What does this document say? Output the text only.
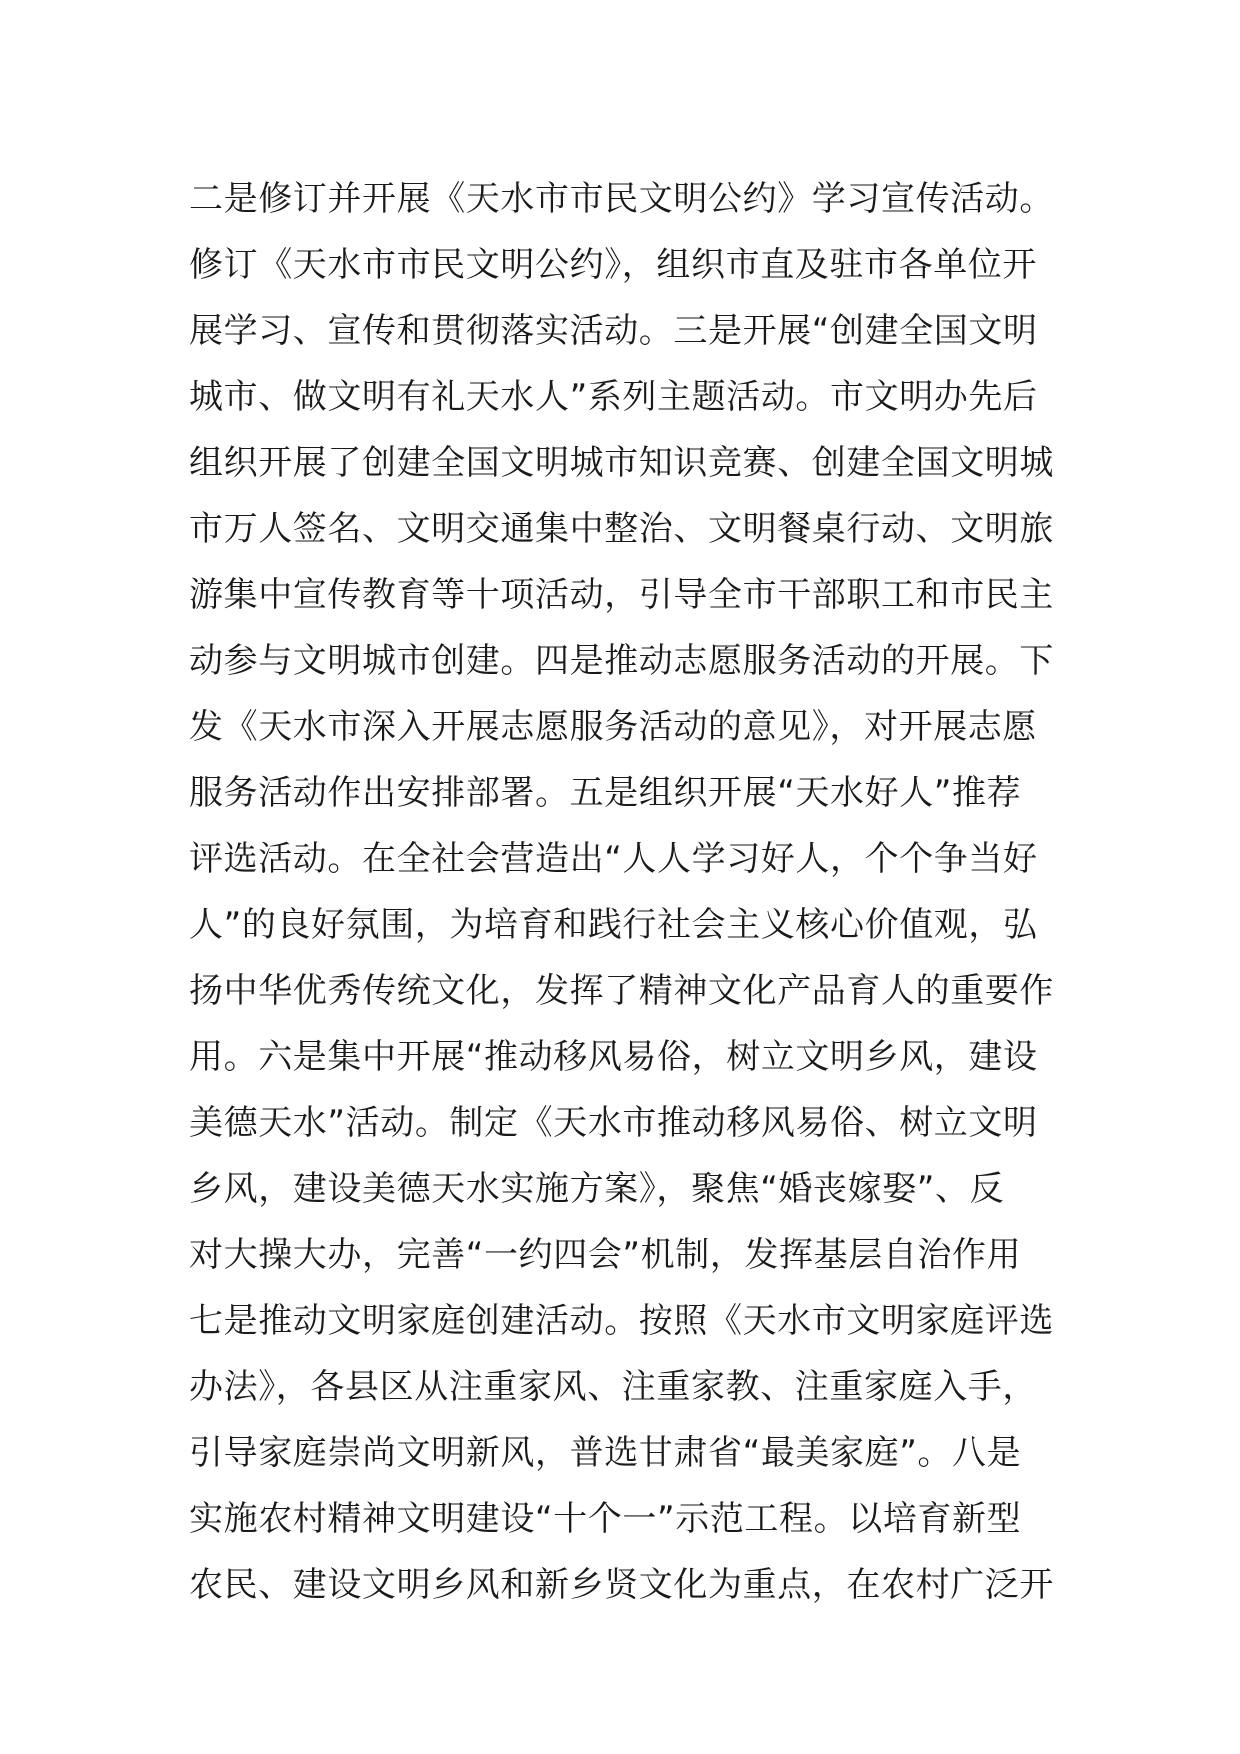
二是修订并开展《天水市市民文明公约》学习宣传活动。
修订《天水市市民文明公约》，组织市直及驻市各单位开
展学习、宣传和贯彻落实活动。三是开展“创建全国文明
城市、做文明有礼天水人”系列主题活动。市文明办先后
组织开展了创建全国文明城市知识竞赛、创建全国文明城
市万人签名、文明交通集中整治、文明餐桌行动、文明旅
游集中宣传教育等十项活动，引导全市干部职工和市民主
动参与文明城市创建。四是推动志愿服务活动的开展。下
发《天水市深入开展志愿服务活动的意见》，对开展志愿
服务活动作出安排部署。五是组织开展“天水好人”推荐
评选活动。在全社会营造出“人人学习好人，个个争当好
人”的良好氛围，为培育和践行社会主义核心价值观，弘
扬中华优秀传统文化，发挥了精神文化产品育人的重要作
用。六是集中开展“推动移风易俗，树立文明乡风，建设
美德天水”活动。制定《天水市推动移风易俗、树立文明
乡风，建设美德天水实施方案》，聚焦“婚丧嫁娶”、反
对大操大办，完善“一约四会”机制，发挥基层自治作用
七是推动文明家庭创建活动。按照《天水市文明家庭评选
办法》，各县区从注重家风、注重家教、注重家庭入手，
引导家庭崇尚文明新风，普选甘肃省“最美家庭”。八是
实施农村精神文明建设“十个一”示范工程。以培育新型
农民、建设文明乡风和新乡贤文化为重点，在农村广泛开
